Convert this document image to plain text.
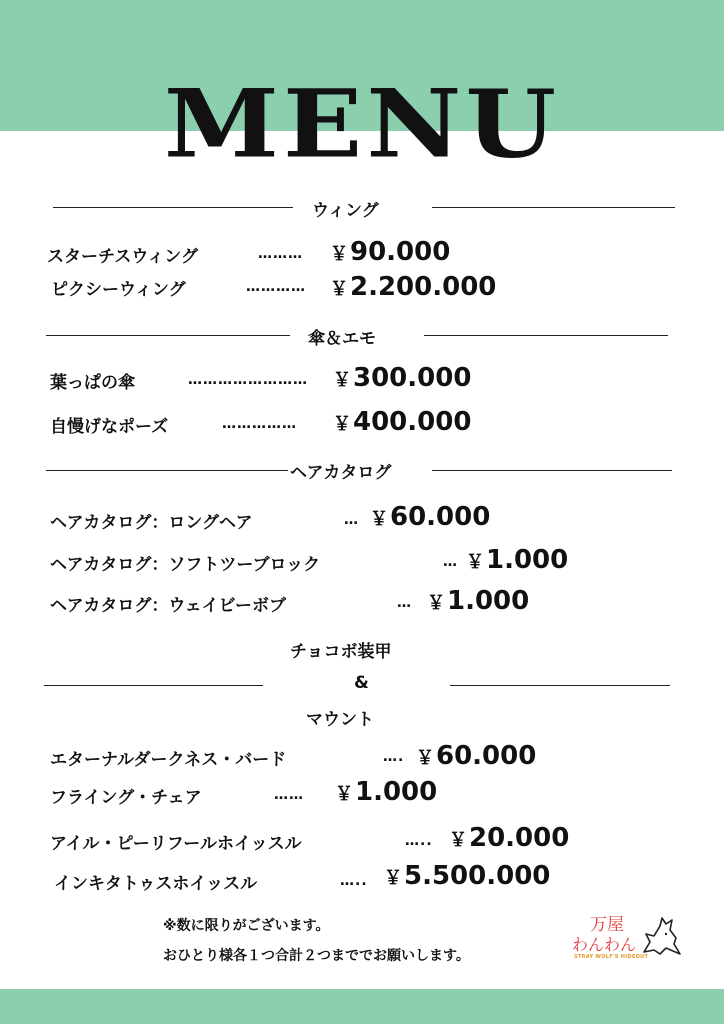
MENU
ウィング
スターチスウィング	……… ￥90.000
ピクシーウィング	………… ￥2.200.000
傘＆エモ
葉っぱの傘	…………………… ￥300.000
自慢げなポーズ	…………… ￥400.000
ヘアカタログ
ヘアカタログ：ロングヘア	… ￥60.000
ヘアカタログ：ソフトツーブロック	… ￥1.000
ヘアカタログ：ウェイビーボブ	… ￥1.000
チョコボ装甲
&
マウント
エターナルダークネス・バード	…. ￥60.000
フライング・チェア	…… ￥1.000
アイル・ピーリフールホイッスル	….. ￥20.000
インキタトゥスホイッスル	….. ￥5.500.000
※数に限りがございます。
おひとり様各１つ合計２つまででお願いします。
万屋
わんわん
STRAY WOLF'S HIDEOUT
